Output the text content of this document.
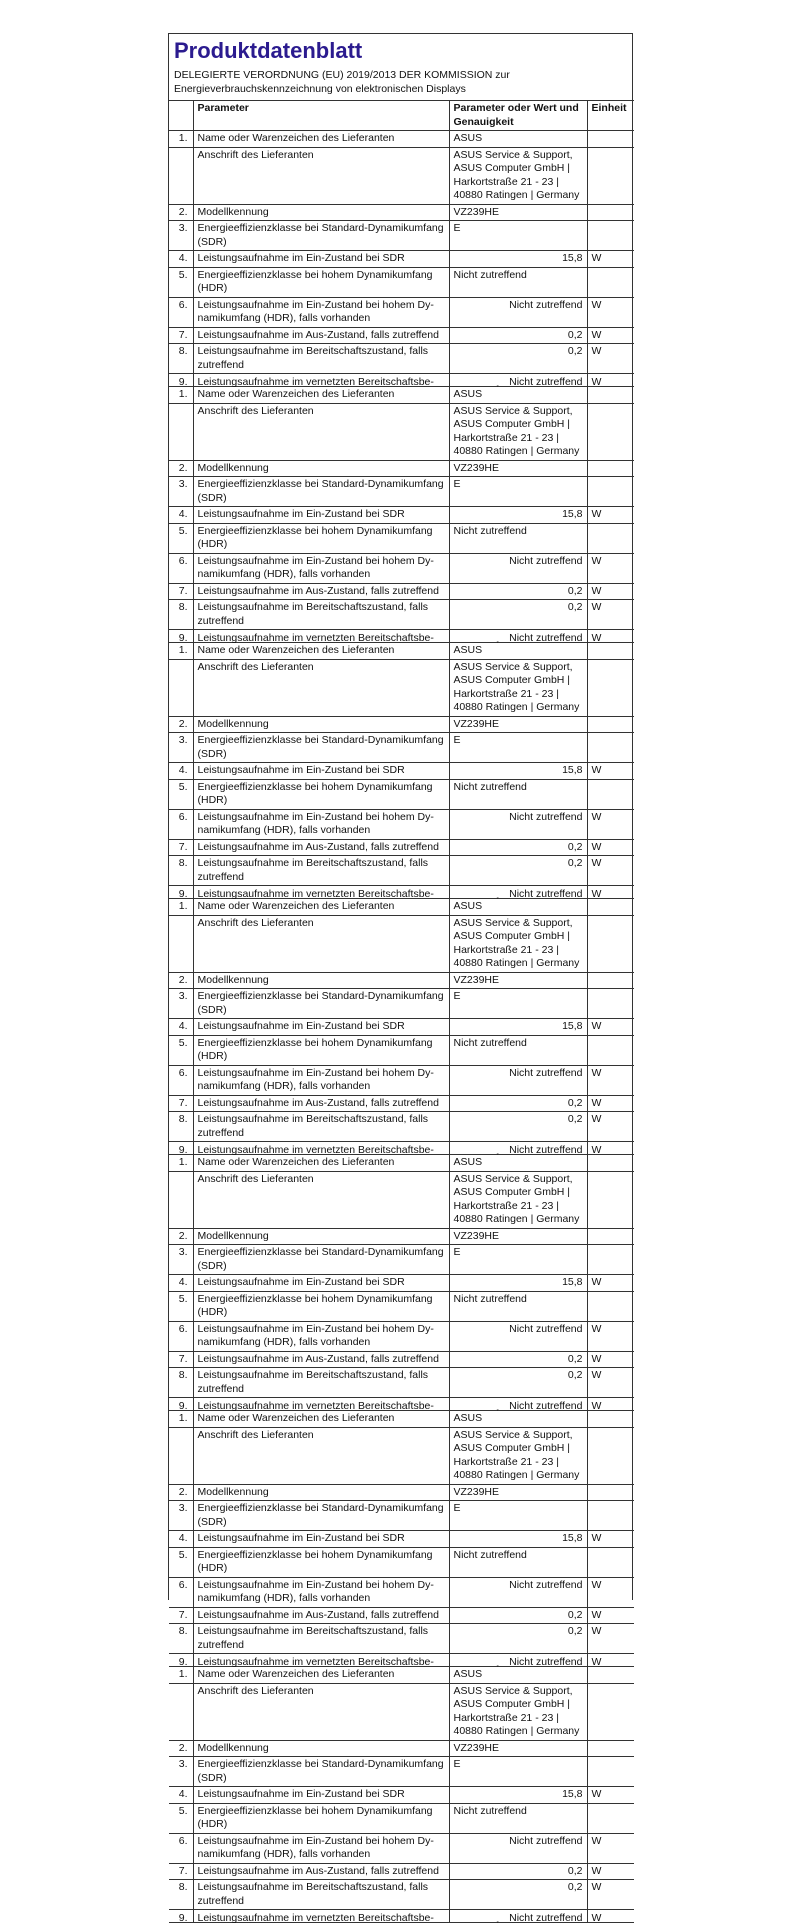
Produktdatenblatt
DELEGIERTE VERORDNUNG (EU) 2019/2013 DER KOMMISSION zur
Energieverbrauchskennzeichnung von elektronischen Displays
	Parameter	Parameter oder Wert und
Genauigkeit	Einheit
1.	Name oder Warenzeichen des Lieferanten	ASUS	

	Anschrift des Lieferanten	ASUS Service & Support,
ASUS Computer GmbH |
Harkortstraße 21 - 23 |
40880 Ratingen | Germany	

2.	Modellkennung	VZ239HE	

3.	Energieeffizienzklasse bei Standard-Dynamikumfang
(SDR)	E	

4.	Leistungsaufnahme im Ein-Zustand bei SDR	15,8	W
5.	Energieeffizienzklasse bei hohem Dynamikumfang
(HDR)	Nicht zutreffend	

6.	Leistungsaufnahme im Ein-Zustand bei hohem Dy-
namikumfang (HDR), falls vorhanden	Nicht zutreffend	W
7.	Leistungsaufnahme im Aus-Zustand, falls zutreffend	0,2	W
8.	Leistungsaufnahme im Bereitschaftszustand, falls
zutreffend	0,2	W

9.	Leistungsaufnahme im vernetzten Bereitschaftsbe-	˯ Nicht zutreffend	W

1.	Name oder Warenzeichen des Lieferanten	ASUS	

	Anschrift des Lieferanten	ASUS Service & Support,
ASUS Computer GmbH |
Harkortstraße 21 - 23 |
40880 Ratingen | Germany	

2.	Modellkennung	VZ239HE	

3.	Energieeffizienzklasse bei Standard-Dynamikumfang
(SDR)	E	

4.	Leistungsaufnahme im Ein-Zustand bei SDR	15,8	W
5.	Energieeffizienzklasse bei hohem Dynamikumfang
(HDR)	Nicht zutreffend	

6.	Leistungsaufnahme im Ein-Zustand bei hohem Dy-
namikumfang (HDR), falls vorhanden	Nicht zutreffend	W
7.	Leistungsaufnahme im Aus-Zustand, falls zutreffend	0,2	W
8.	Leistungsaufnahme im Bereitschaftszustand, falls
zutreffend	0,2	W

9.	Leistungsaufnahme im vernetzten Bereitschaftsbe-	˯ Nicht zutreffend	W

1.	Name oder Warenzeichen des Lieferanten	ASUS	

	Anschrift des Lieferanten	ASUS Service & Support,
ASUS Computer GmbH |
Harkortstraße 21 - 23 |
40880 Ratingen | Germany	

2.	Modellkennung	VZ239HE	

3.	Energieeffizienzklasse bei Standard-Dynamikumfang
(SDR)	E	

4.	Leistungsaufnahme im Ein-Zustand bei SDR	15,8	W
5.	Energieeffizienzklasse bei hohem Dynamikumfang
(HDR)	Nicht zutreffend	

6.	Leistungsaufnahme im Ein-Zustand bei hohem Dy-
namikumfang (HDR), falls vorhanden	Nicht zutreffend	W
7.	Leistungsaufnahme im Aus-Zustand, falls zutreffend	0,2	W
8.	Leistungsaufnahme im Bereitschaftszustand, falls
zutreffend	0,2	W

9.	Leistungsaufnahme im vernetzten Bereitschaftsbe-	˯ Nicht zutreffend	W

1.	Name oder Warenzeichen des Lieferanten	ASUS	

	Anschrift des Lieferanten	ASUS Service & Support,
ASUS Computer GmbH |
Harkortstraße 21 - 23 |
40880 Ratingen | Germany	

2.	Modellkennung	VZ239HE	

3.	Energieeffizienzklasse bei Standard-Dynamikumfang
(SDR)	E	

4.	Leistungsaufnahme im Ein-Zustand bei SDR	15,8	W
5.	Energieeffizienzklasse bei hohem Dynamikumfang
(HDR)	Nicht zutreffend	

6.	Leistungsaufnahme im Ein-Zustand bei hohem Dy-
namikumfang (HDR), falls vorhanden	Nicht zutreffend	W
7.	Leistungsaufnahme im Aus-Zustand, falls zutreffend	0,2	W
8.	Leistungsaufnahme im Bereitschaftszustand, falls
zutreffend	0,2	W

9.	Leistungsaufnahme im vernetzten Bereitschaftsbe-	˯ Nicht zutreffend	W

1.	Name oder Warenzeichen des Lieferanten	ASUS	

	Anschrift des Lieferanten	ASUS Service & Support,
ASUS Computer GmbH |
Harkortstraße 21 - 23 |
40880 Ratingen | Germany	

2.	Modellkennung	VZ239HE	

3.	Energieeffizienzklasse bei Standard-Dynamikumfang
(SDR)	E	

4.	Leistungsaufnahme im Ein-Zustand bei SDR	15,8	W
5.	Energieeffizienzklasse bei hohem Dynamikumfang
(HDR)	Nicht zutreffend	

6.	Leistungsaufnahme im Ein-Zustand bei hohem Dy-
namikumfang (HDR), falls vorhanden	Nicht zutreffend	W
7.	Leistungsaufnahme im Aus-Zustand, falls zutreffend	0,2	W
8.	Leistungsaufnahme im Bereitschaftszustand, falls
zutreffend	0,2	W

9.	Leistungsaufnahme im vernetzten Bereitschaftsbe-	˯ Nicht zutreffend	W

1.	Name oder Warenzeichen des Lieferanten	ASUS	

	Anschrift des Lieferanten	ASUS Service & Support,
ASUS Computer GmbH |
Harkortstraße 21 - 23 |
40880 Ratingen | Germany	

2.	Modellkennung	VZ239HE	

3.	Energieeffizienzklasse bei Standard-Dynamikumfang
(SDR)	E	

4.	Leistungsaufnahme im Ein-Zustand bei SDR	15,8	W
5.	Energieeffizienzklasse bei hohem Dynamikumfang
(HDR)	Nicht zutreffend	

6.	Leistungsaufnahme im Ein-Zustand bei hohem Dy-
namikumfang (HDR), falls vorhanden	Nicht zutreffend	W
7.	Leistungsaufnahme im Aus-Zustand, falls zutreffend	0,2	W
8.	Leistungsaufnahme im Bereitschaftszustand, falls
zutreffend	0,2	W

9.	Leistungsaufnahme im vernetzten Bereitschaftsbe-	˯ Nicht zutreffend	W

1.	Name oder Warenzeichen des Lieferanten	ASUS	

	Anschrift des Lieferanten	ASUS Service & Support,
ASUS Computer GmbH |
Harkortstraße 21 - 23 |
40880 Ratingen | Germany	

2.	Modellkennung	VZ239HE	

3.	Energieeffizienzklasse bei Standard-Dynamikumfang
(SDR)	E	

4.	Leistungsaufnahme im Ein-Zustand bei SDR	15,8	W
5.	Energieeffizienzklasse bei hohem Dynamikumfang
(HDR)	Nicht zutreffend	

6.	Leistungsaufnahme im Ein-Zustand bei hohem Dy-
namikumfang (HDR), falls vorhanden	Nicht zutreffend	W
7.	Leistungsaufnahme im Aus-Zustand, falls zutreffend	0,2	W
8.	Leistungsaufnahme im Bereitschaftszustand, falls
zutreffend	0,2	W

9.	Leistungsaufnahme im vernetzten Bereitschaftsbe-	˯ Nicht zutreffend	W
